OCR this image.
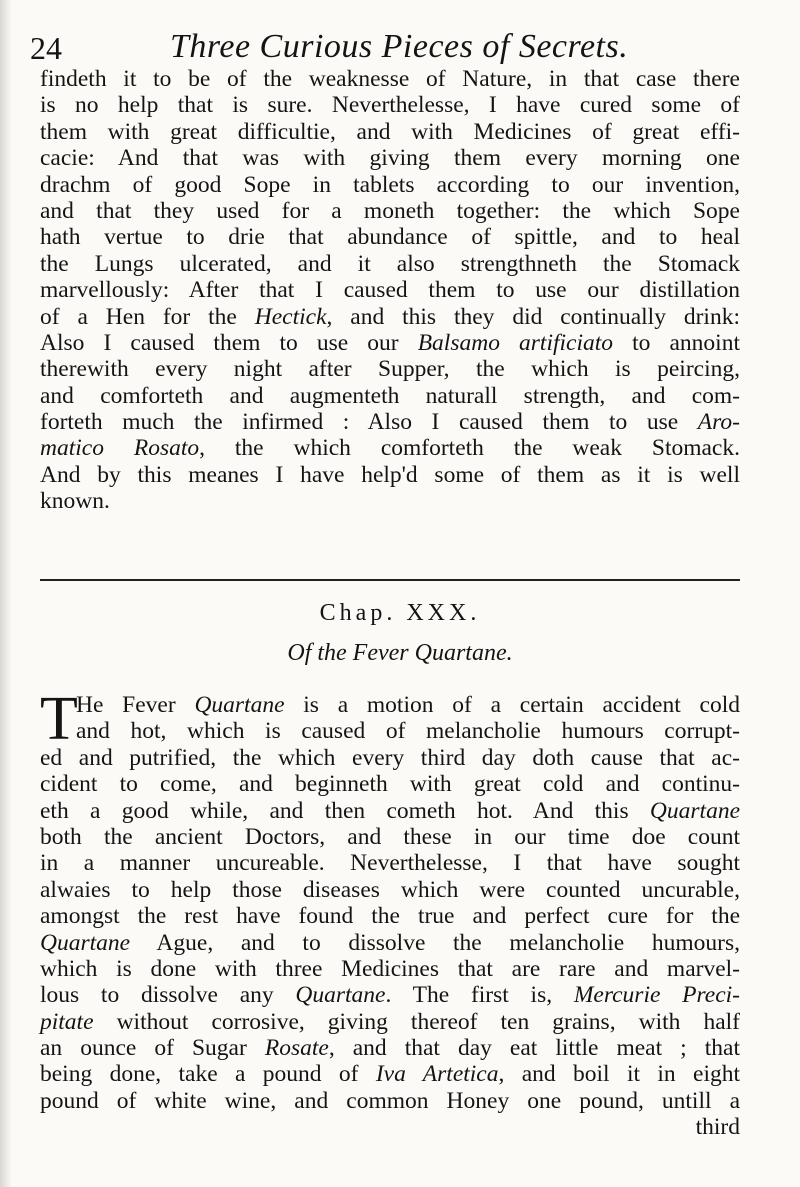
24	Three Curious Pieces of Secrets.
findeth it to be of the weaknesse of Nature, in that case there
is no help that is sure. Neverthelesse, I have cured some of
them with great difficultie, and with Medicines of great effi-
cacie: And that was with giving them every morning one
drachm of good Sope in tablets according to our invention,
and that they used for a moneth together: the which Sope
hath vertue to drie that abundance of spittle, and to heal
the Lungs ulcerated, and it also strengthneth the Stomack
marvellously: After that I caused them to use our distillation
of a Hen for the Hectick, and this they did continually drink:
Also I caused them to use our Balsamo artificiato to annoint
therewith every night after Supper, the which is peircing,
and comforteth and augmenteth naturall strength, and com-
forteth much the infirmed : Also I caused them to use Aro-
matico Rosato, the which comforteth the weak Stomack.
And by this meanes I have help'd some of them as it is well
known.
Chap. XXX.
Of the Fever Quartane.
T
He Fever Quartane is a motion of a certain accident cold
and hot, which is caused of melancholie humours corrupt-
ed and putrified, the which every third day doth cause that ac-
cident to come, and beginneth with great cold and continu-
eth a good while, and then cometh hot. And this Quartane
both the ancient Doctors, and these in our time doe count
in a manner uncureable. Neverthelesse, I that have sought
alwaies to help those diseases which were counted uncurable,
amongst the rest have found the true and perfect cure for the
Quartane Ague, and to dissolve the melancholie humours,
which is done with three Medicines that are rare and marvel-
lous to dissolve any Quartane. The first is, Mercurie Preci-
pitate without corrosive, giving thereof ten grains, with half
an ounce of Sugar Rosate, and that day eat little meat ; that
being done, take a pound of Iva Artetica, and boil it in eight
pound of white wine, and common Honey one pound, untill a
third
